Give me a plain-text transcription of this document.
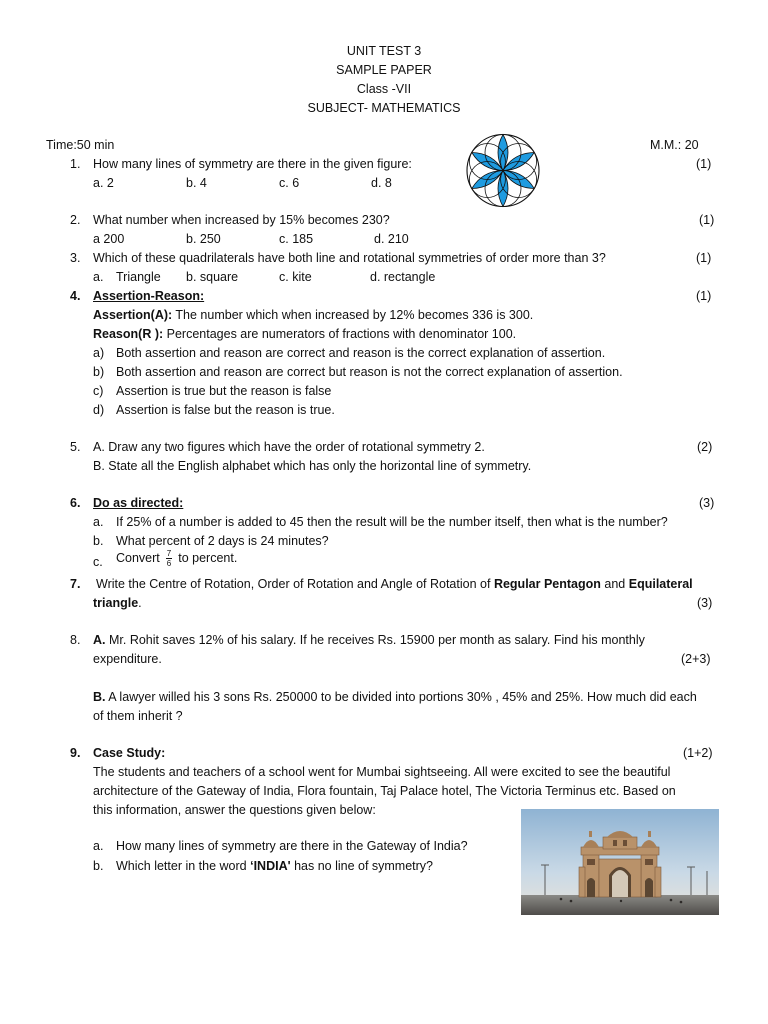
UNIT TEST 3
SAMPLE PAPER
Class -VII
SUBJECT- MATHEMATICS
Time:50 min	M.M.: 20
1. How many lines of symmetry are there in the given figure:	(1)
a. 2	b. 4	c. 6	d. 8
2. What number when increased by 15% becomes 230?	(1)
a 200	b. 250	c. 185	d. 210
3. Which of these quadrilaterals have both line and rotational symmetries of order more than 3?	(1)
a. Triangle b. square	c. kite	d. rectangle
4. Assertion-Reason:	(1)
Assertion(A): The number which when increased by 12% becomes 336 is 300.
Reason(R ): Percentages are numerators of fractions with denominator 100.
a) Both assertion and reason are correct and reason is the correct explanation of assertion.
b) Both assertion and reason are correct but reason is not the correct explanation of assertion.
c) Assertion is true but the reason is false
d) Assertion is false but the reason is true.
5. A. Draw any two figures which have the order of rotational symmetry 2.	(2)
B. State all the English alphabet which has only the horizontal line of symmetry.
6. Do as directed:	(3)
a. If 25% of a number is added to 45 then the result will be the number itself, then what is the number?
b. What percent of 2 days is 24 minutes?
c. Convert $\frac{7}{6}$ to percent.
7. Write the Centre of Rotation, Order of Rotation and Angle of Rotation of Regular Pentagon and Equilateral
triangle.	(3)
8. A. Mr. Rohit saves 12% of his salary. If he receives Rs. 15900 per month as salary. Find his monthly
expenditure.	(2+3)
B. A lawyer willed his 3 sons Rs. 250000 to be divided into portions 30% , 45% and 25%. How much did each
of them inherit ?
9. Case Study:	(1+2)
The students and teachers of a school went for Mumbai sightseeing. All were excited to see the beautiful
architecture of the Gateway of India, Flora fountain, Taj Palace hotel, The Victoria Terminus etc. Based on
this information, answer the questions given below:
a. How many lines of symmetry are there in the Gateway of India?
b. Which letter in the word ‘INDIA' has no line of symmetry?
